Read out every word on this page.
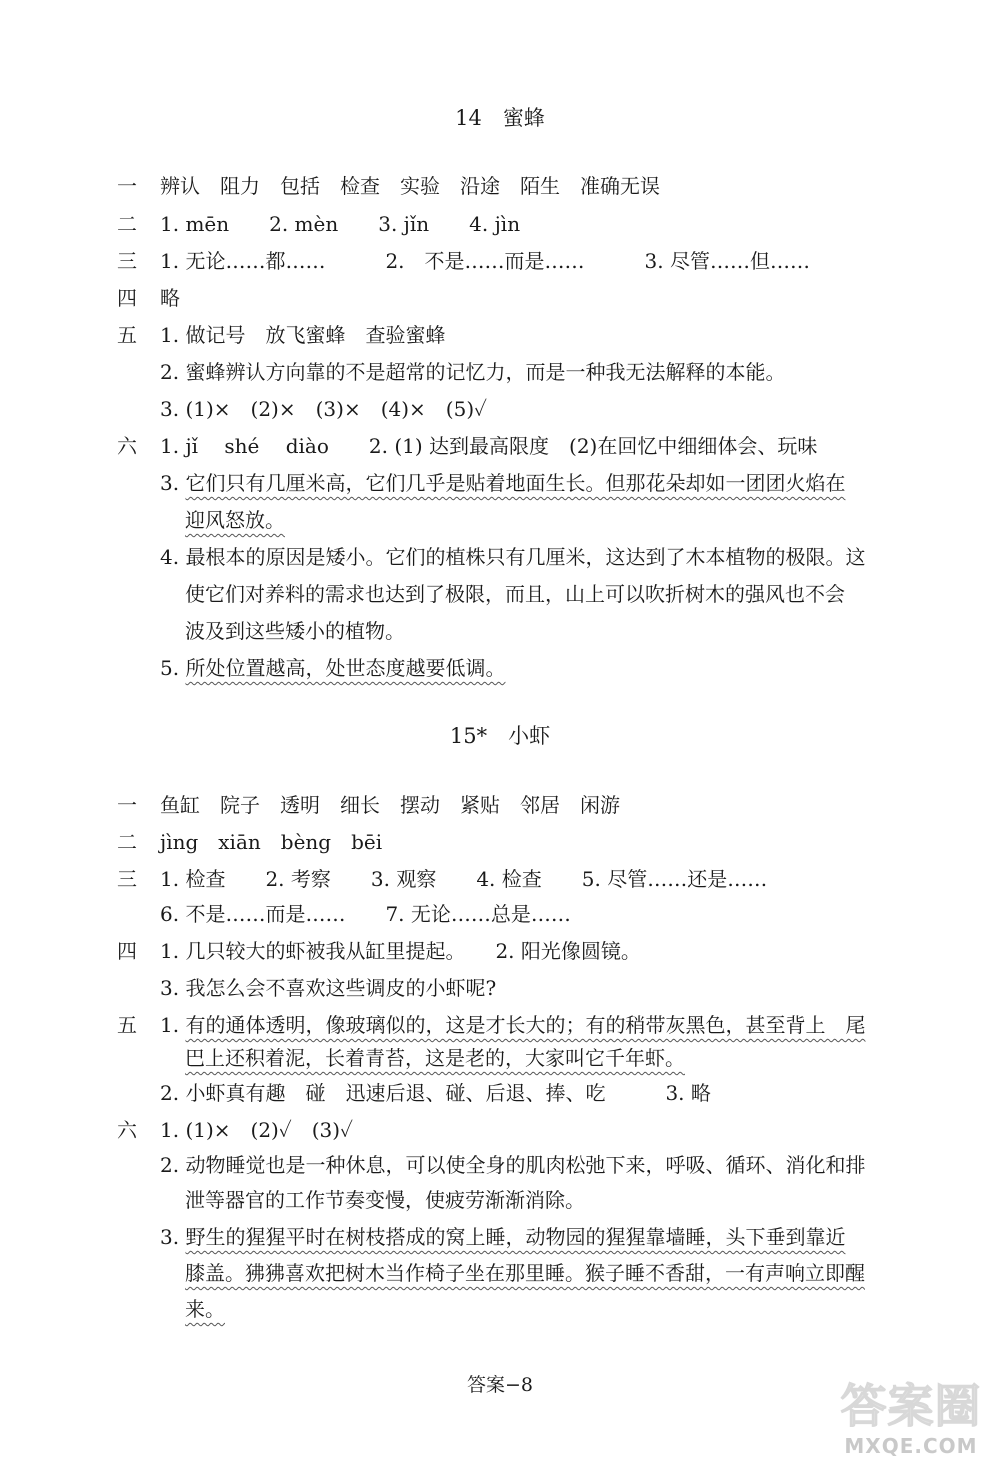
14　蜜蜂
一 辨认　阻力　包括　检查　实验　沿途　陌生　准确无误
二 1. mēn　　2. mèn　　3. jǐn　　4. jìn
三 1. 无论……都……　　　2.　不是……而是……　　　3. 尽管……但……
四 略
五 1. 做记号　放飞蜜蜂　查验蜜蜂
2. 蜜蜂辨认方向靠的不是超常的记忆力，而是一种我无法解释的本能。
3. (1)×　(2)×　(3)×　(4)×　(5)✓
六 1. jǐ　 shé　 diào　　2. (1) 达到最高限度　(2)在回忆中细细体会、玩味
3. 它们只有几厘米高，它们几乎是贴着地面生长。但那花朵却如一团团火焰在
迎风怒放。
4. 最根本的原因是矮小。它们的植株只有几厘米，这达到了木本植物的极限。这
使它们对养料的需求也达到了极限，而且，山上可以吹折树木的强风也不会
波及到这些矮小的植物。
5. 所处位置越高，处世态度越要低调。
15*　小虾
一 鱼缸　院子　透明　细长　摆动　紧贴　邻居　闲游
二 jìng　xiān　bèng　bēi
三 1. 检查　　2. 考察　　3. 观察　　4. 检查　　5. 尽管……还是……
6. 不是……而是……　　7. 无论……总是……
四 1. 几只较大的虾被我从缸里提起。　　2. 阳光像圆镜。
3. 我怎么会不喜欢这些调皮的小虾呢?
五 1. 有的通体透明，像玻璃似的，这是才长大的；有的稍带灰黑色，甚至背上　尾
巴上还积着泥，长着青苔，这是老的，大家叫它千年虾。
2. 小虾真有趣　碰　迅速后退、碰、后退、捧、吃　　　3. 略
六 1. (1)×　(2)✓　(3)✓
2. 动物睡觉也是一种休息，可以使全身的肌肉松弛下来，呼吸、循环、消化和排
泄等器官的工作节奏变慢，使疲劳渐渐消除。
3. 野生的猩猩平时在树枝搭成的窝上睡，动物园的猩猩靠墙睡，头下垂到靠近
膝盖。狒狒喜欢把树木当作椅子坐在那里睡。猴子睡不香甜，一有声响立即醒
来。
答案−8	答案圈
MXQE.COM
